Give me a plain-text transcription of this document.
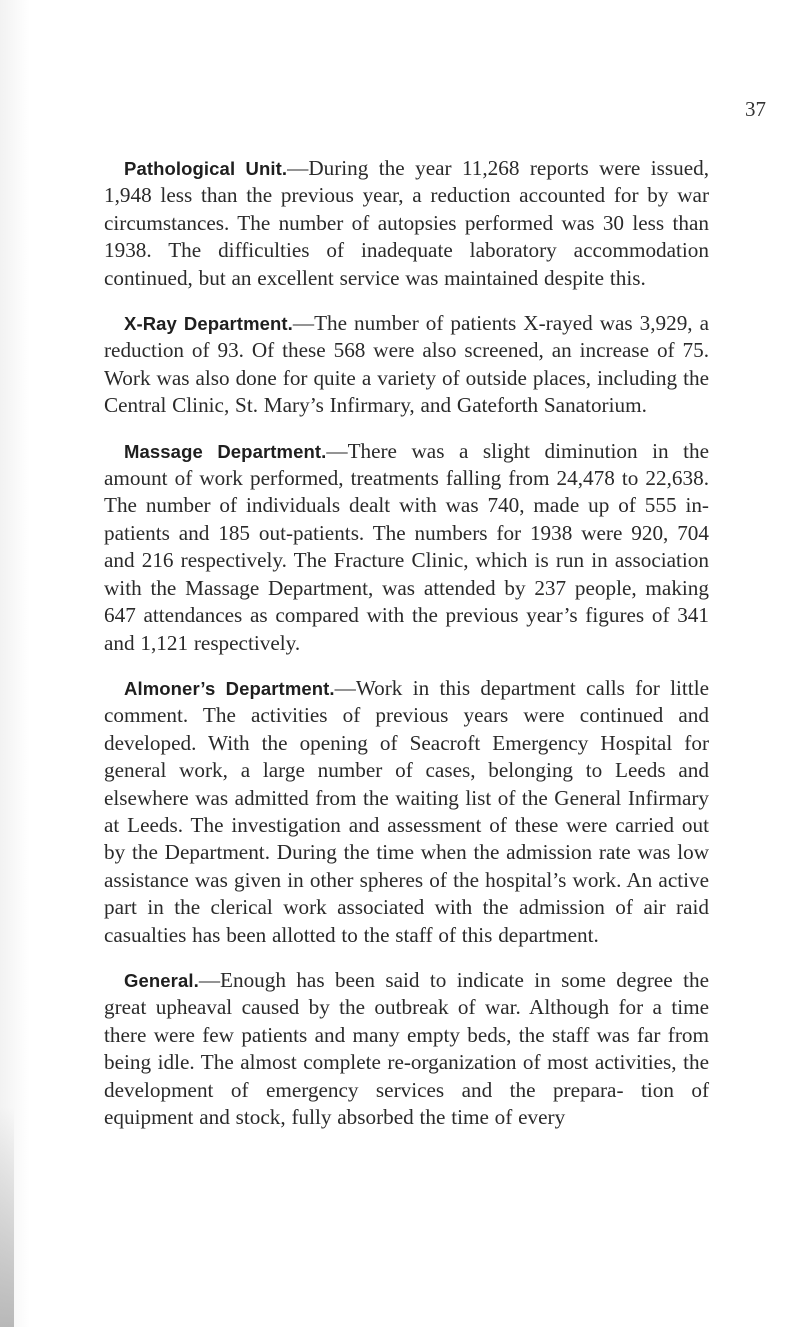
37

Pathological Unit.—During the year 11,268 reports were issued, 1,948 less than the previous year, a reduction accounted for by war circumstances. The number of autopsies performed was 30 less than 1938. The difficulties of inadequate laboratory accommodation continued, but an excellent service was maintained despite this.

X-Ray Department.—The number of patients X-rayed was 3,929, a reduction of 93. Of these 568 were also screened, an increase of 75. Work was also done for quite a variety of outside places, including the Central Clinic, St. Mary’s Infirmary, and Gateforth Sanatorium.

Massage Department.—There was a slight diminution in the amount of work performed, treatments falling from 24,478 to 22,638. The number of individuals dealt with was 740, made up of 555 in-patients and 185 out-patients. The numbers for 1938 were 920, 704 and 216 respectively. The Fracture Clinic, which is run in association with the Massage Department, was attended by 237 people, making 647 attendances as compared with the previous year’s figures of 341 and 1,121 respectively.

Almoner’s Department.—Work in this department calls for little comment. The activities of previous years were continued and developed. With the opening of Seacroft Emergency Hospital for general work, a large number of cases, belonging to Leeds and elsewhere was admitted from the waiting list of the General Infirmary at Leeds. The investigation and assessment of these were carried out by the Department. During the time when the admission rate was low assistance was given in other spheres of the hospital’s work. An active part in the clerical work associated with the admission of air raid casualties has been allotted to the staff of this department.

General.—Enough has been said to indicate in some degree the great upheaval caused by the outbreak of war. Although for a time there were few patients and many empty beds, the staff was far from being idle. The almost complete re-organization of most activities, the development of emergency services and the prepara- tion of equipment and stock, fully absorbed the time of every
